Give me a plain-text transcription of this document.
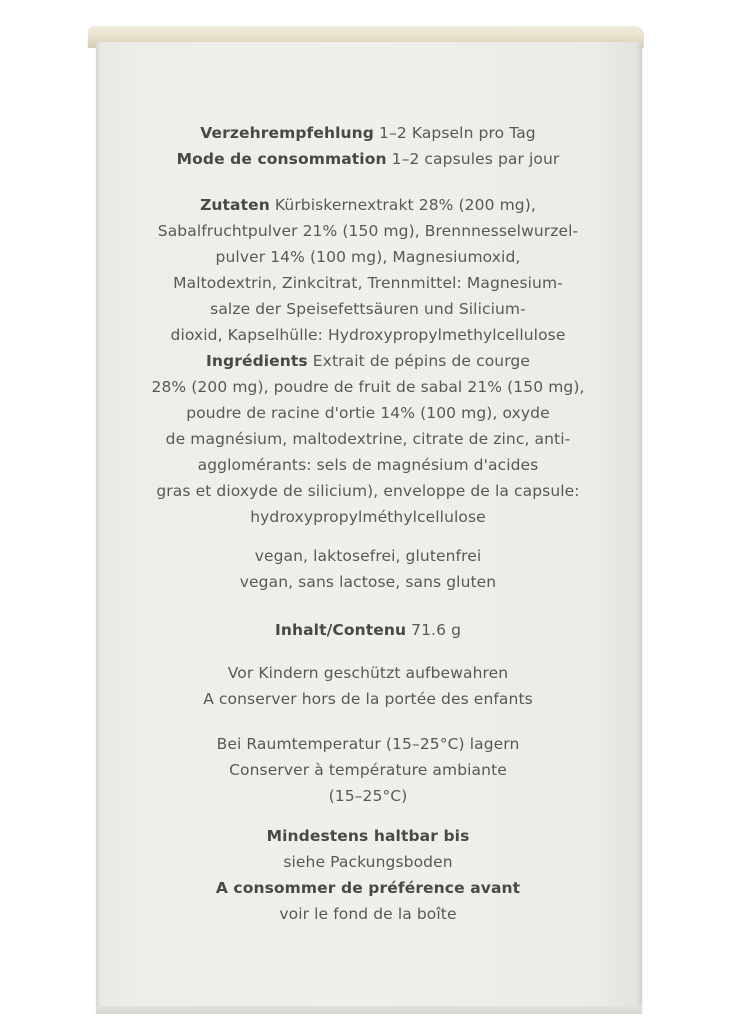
Verzehrempfehlung 1–2 Kapseln pro Tag
Mode de consommation 1–2 capsules par jour
Zutaten Kürbiskernextrakt 28% (200 mg),
Sabalfruchtpulver 21% (150 mg), Brennnesselwurzel-
pulver 14% (100 mg), Magnesiumoxid,
Maltodextrin, Zinkcitrat, Trennmittel: Magnesium-
salze der Speisefettsäuren und Silicium-
dioxid, Kapselhülle: Hydroxypropylmethylcellulose
Ingrédients Extrait de pépins de courge
28% (200 mg), poudre de fruit de sabal 21% (150 mg),
poudre de racine d'ortie 14% (100 mg), oxyde
de magnésium, maltodextrine, citrate de zinc, anti-
agglomérants: sels de magnésium d'acides
gras et dioxyde de silicium), enveloppe de la capsule:
hydroxypropylméthylcellulose
vegan, laktosefrei, glutenfrei
vegan, sans lactose, sans gluten
Inhalt/Contenu 71.6 g
Vor Kindern geschützt aufbewahren
A conserver hors de la portée des enfants
Bei Raumtemperatur (15–25°C) lagern
Conserver à température ambiante
(15–25°C)
Mindestens haltbar bis
siehe Packungsboden
A consommer de préférence avant
voir le fond de la boîte
